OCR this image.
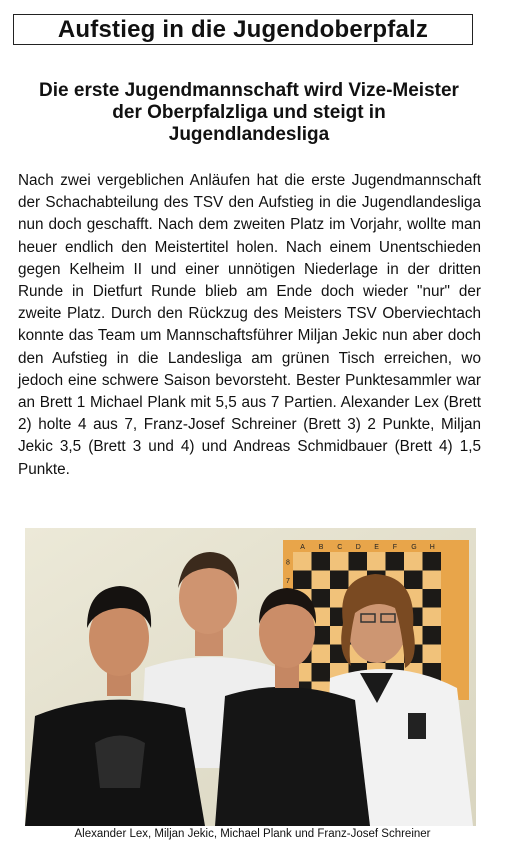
Aufstieg in die Jugendoberpfalz
Die erste Jugendmannschaft wird Vize-Meister
der Oberpfalzliga und steigt in
Jugendlandesliga

Nach zwei vergeblichen Anläufen hat die erste Jugendmannschaft der Schachabteilung des TSV den Aufstieg in die Jugendlandesliga nun doch geschafft. Nach dem zweiten Platz im Vorjahr, wollte man heuer endlich den Meistertitel holen. Nach einem Unentschieden gegen Kelheim II und einer unnötigen Niederlage in der dritten Runde in Dietfurt Runde blieb am Ende doch wieder "nur" der zweite Platz. Durch den Rückzug des Meisters TSV Oberviechtach konnte das Team um Mannschaftsführer Miljan Jekic nun aber doch den Aufstieg in die Landesliga am grünen Tisch erreichen, wo jedoch eine schwere Saison bevorsteht. Bester Punktesammler war an Brett 1 Michael Plank mit 5,5 aus 7 Partien. Alexander Lex (Brett 2) holte 4 aus 7, Franz-Josef Schreiner (Brett 3) 2 Punkte, Miljan Jekic 3,5 (Brett 3 und 4) und Andreas Schmidbauer (Brett 4) 1,5 Punkte.

A B C D E F G H
8
7
Alexander Lex, Miljan Jekic, Michael Plank und Franz-Josef Schreiner
